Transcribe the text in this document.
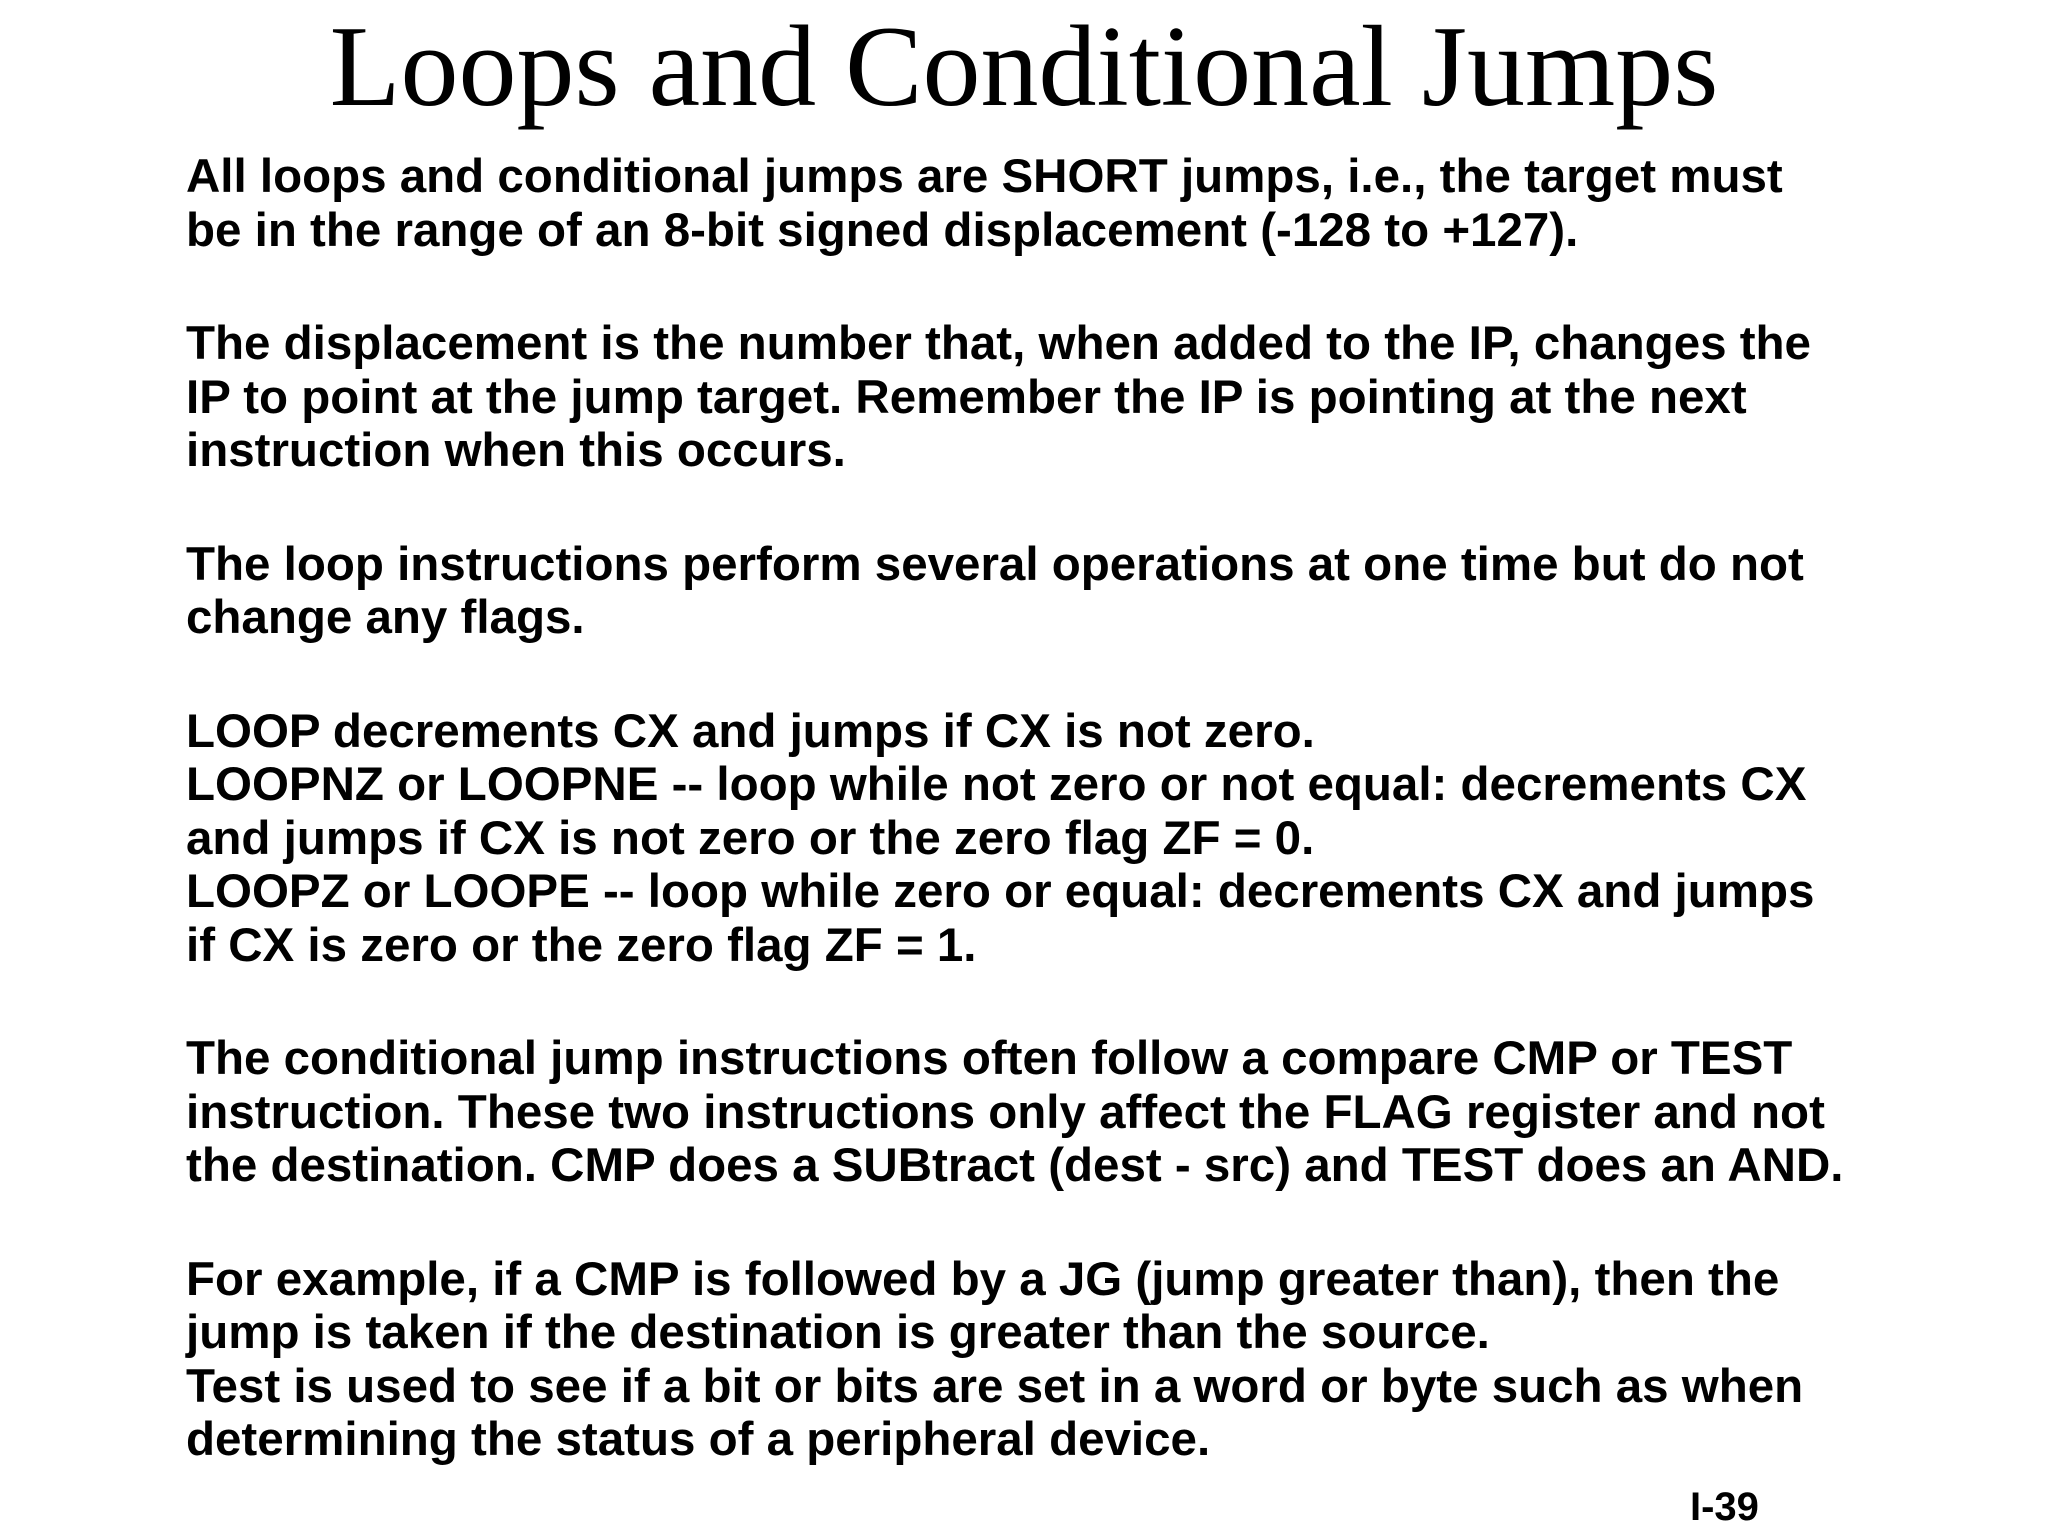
Loops and Conditional Jumps
All loops and conditional jumps are SHORT jumps, i.e., the target must
be in the range of an 8-bit signed displacement (-128 to +127).
The displacement is the number that, when added to the IP, changes the
IP to point at the jump target. Remember the IP is pointing at the next
instruction when this occurs.
The loop instructions perform several operations at one time but do not
change any flags.
LOOP decrements CX and jumps if CX is not zero.
LOOPNZ or LOOPNE -- loop while not zero or not equal: decrements CX
and jumps if CX is not zero or the zero flag ZF = 0.
LOOPZ or LOOPE -- loop while zero or equal: decrements CX and jumps
if CX is zero or the zero flag ZF = 1.
The conditional jump instructions often follow a compare CMP or TEST
instruction. These two instructions only affect the FLAG register and not
the destination. CMP does a SUBtract (dest - src) and TEST does an AND.
For example, if a CMP is followed by a JG (jump greater than), then the
jump is taken if the destination is greater than the source.
Test is used to see if a bit or bits are set in a word or byte such as when
determining the status of a peripheral device.
I-39
